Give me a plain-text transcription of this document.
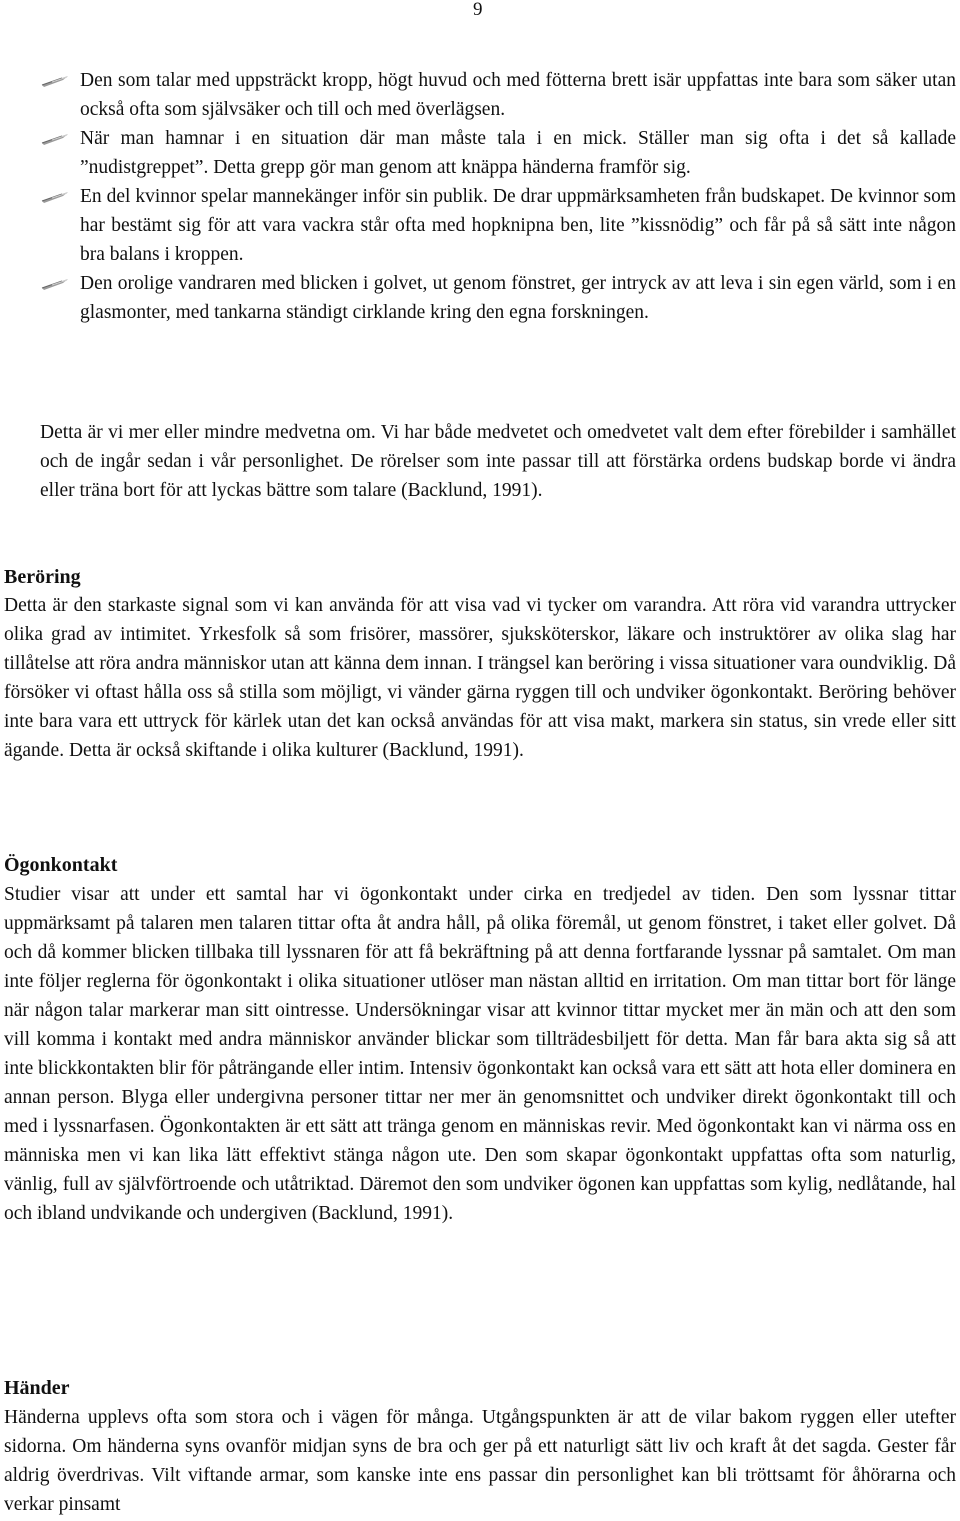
9

Den som talar med uppsträckt kropp, högt huvud och med fötterna brett isär uppfattas inte bara som säker utan också ofta som självsäker och till och med överlägsen.

När man hamnar i en situation där man måste tala i en mick. Ställer man sig ofta i det så kallade ”nudistgreppet”. Detta grepp gör man genom att knäppa händerna framför sig.

En del kvinnor spelar mannekänger inför sin publik. De drar uppmärksamheten från budskapet. De kvinnor som har bestämt sig för att vara vackra står ofta med hopknipna ben, lite ”kissnödig” och får på så sätt inte någon bra balans i kroppen.

Den orolige vandraren med blicken i golvet, ut genom fönstret, ger intryck av att leva i sin egen värld, som i en glasmonter, med tankarna ständigt cirklande kring den egna forskningen.

Detta är vi mer eller mindre medvetna om. Vi har både medvetet och omedvetet valt dem efter förebilder i samhället och de ingår sedan i vår personlighet. De rörelser som inte passar till att förstärka ordens budskap borde vi ändra eller träna bort för att lyckas bättre som talare (Backlund, 1991).

Beröring

Detta är den starkaste signal som vi kan använda för att visa vad vi tycker om varandra. Att röra vid varandra uttrycker olika grad av intimitet. Yrkesfolk så som frisörer, massörer, sjuksköterskor, läkare och instruktörer av olika slag har tillåtelse att röra andra människor utan att känna dem innan. I trängsel kan beröring i vissa situationer vara oundviklig. Då försöker vi oftast hålla oss så stilla som möjligt, vi vänder gärna ryggen till och undviker ögonkontakt. Beröring behöver inte bara vara ett uttryck för kärlek utan det kan också användas för att visa makt, markera sin status, sin vrede eller sitt ägande. Detta är också skiftande i olika kulturer (Backlund, 1991).

Ögonkontakt

Studier visar att under ett samtal har vi ögonkontakt under cirka en tredjedel av tiden. Den som lyssnar tittar uppmärksamt på talaren men talaren tittar ofta åt andra håll, på olika föremål, ut genom fönstret, i taket eller golvet. Då och då kommer blicken tillbaka till lyssnaren för att få bekräftning på att denna fortfarande lyssnar på samtalet. Om man inte följer reglerna för ögonkontakt i olika situationer utlöser man nästan alltid en irritation. Om man tittar bort för länge när någon talar markerar man sitt ointresse. Undersökningar visar att kvinnor tittar mycket mer än män och att den som vill komma i kontakt med andra människor använder blickar som tillträdesbiljett för detta. Man får bara akta sig så att inte blickkontakten blir för påträngande eller intim. Intensiv ögonkontakt kan också vara ett sätt att hota eller dominera en annan person. Blyga eller undergivna personer tittar ner mer än genomsnittet och undviker direkt ögonkontakt till och med i lyssnarfasen. Ögonkontakten är ett sätt att tränga genom en människas revir. Med ögonkontakt kan vi närma oss en människa men vi kan lika lätt effektivt stänga någon ute. Den som skapar ögonkontakt uppfattas ofta som naturlig, vänlig, full av självförtroende och utåtriktad. Däremot den som undviker ögonen kan uppfattas som kylig, nedlåtande, hal och ibland undvikande och undergiven (Backlund, 1991).

Händer

Händerna upplevs ofta som stora och i vägen för många. Utgångspunkten är att de vilar bakom ryggen eller utefter sidorna. Om händerna syns ovanför midjan syns de bra och ger på ett naturligt sätt liv och kraft åt det sagda. Gester får aldrig överdrivas. Vilt viftande armar, som kanske inte ens passar din personlighet kan bli tröttsamt för åhörarna och verkar pinsamt
